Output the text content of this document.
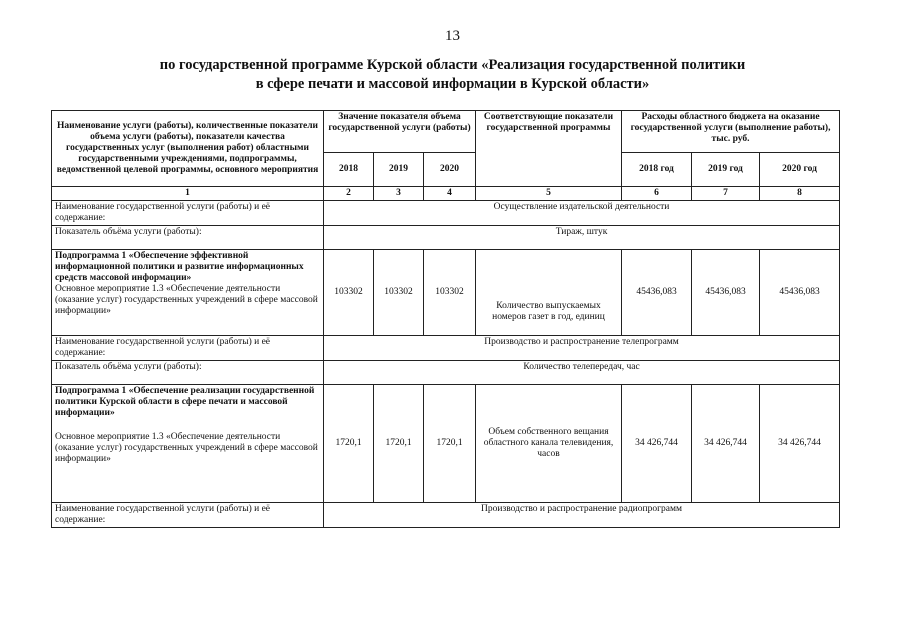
13
по государственной программе Курской области «Реализация государственной политики
в сфере печати и массовой информации в Курской области»
Наименование услуги (работы), количественные показатели объема услуги (работы), показатели качества государственных услуг (выполнения работ) областными государственными учреждениями, подпрограммы, ведомственной целевой программы, основного мероприятия	Значение показателя объема государственной услуги (работы)			Соответствующие показатели государственной программы	Расходы областного бюджета на оказание государственной услуги (выполнение работы), тыс. руб.		
	2018	2019	2020		2018 год	2019 год	2020 год
1	2	3	4	5	6	7	8
Наименование государственной услуги (работы) и её содержание:	Осуществление издательской деятельности						
Показатель объёма услуги (работы):	Тираж, штук						

Подпрограмма 1 «Обеспечение эффективной информационной политики и развитие информационных средств массовой информации»
Основное мероприятие 1.3 «Обеспечение деятельности (оказание услуг) государственных учреждений в сфере массовой информации»	103302	103302	103302	Количество выпускаемых номеров газет в год, единиц	45436,083	45436,083	45436,083
Наименование государственной услуги (работы) и её содержание:	Производство и распространение телепрограмм						
Показатель объёма услуги (работы):	Количество телепередач, час						

Подпрограмма 1 «Обеспечение реализации государственной политики Курской области в сфере печати и массовой информации»
Основное мероприятие 1.3 «Обеспечение деятельности (оказание услуг) государственных учреждений в сфере массовой информации»	1720,1	1720,1	1720,1	Объем собственного вещания областного канала телевидения, часов	34 426,744	34 426,744	34 426,744
Наименование государственной услуги (работы) и её содержание:	Производство и распространение радиопрограмм						
